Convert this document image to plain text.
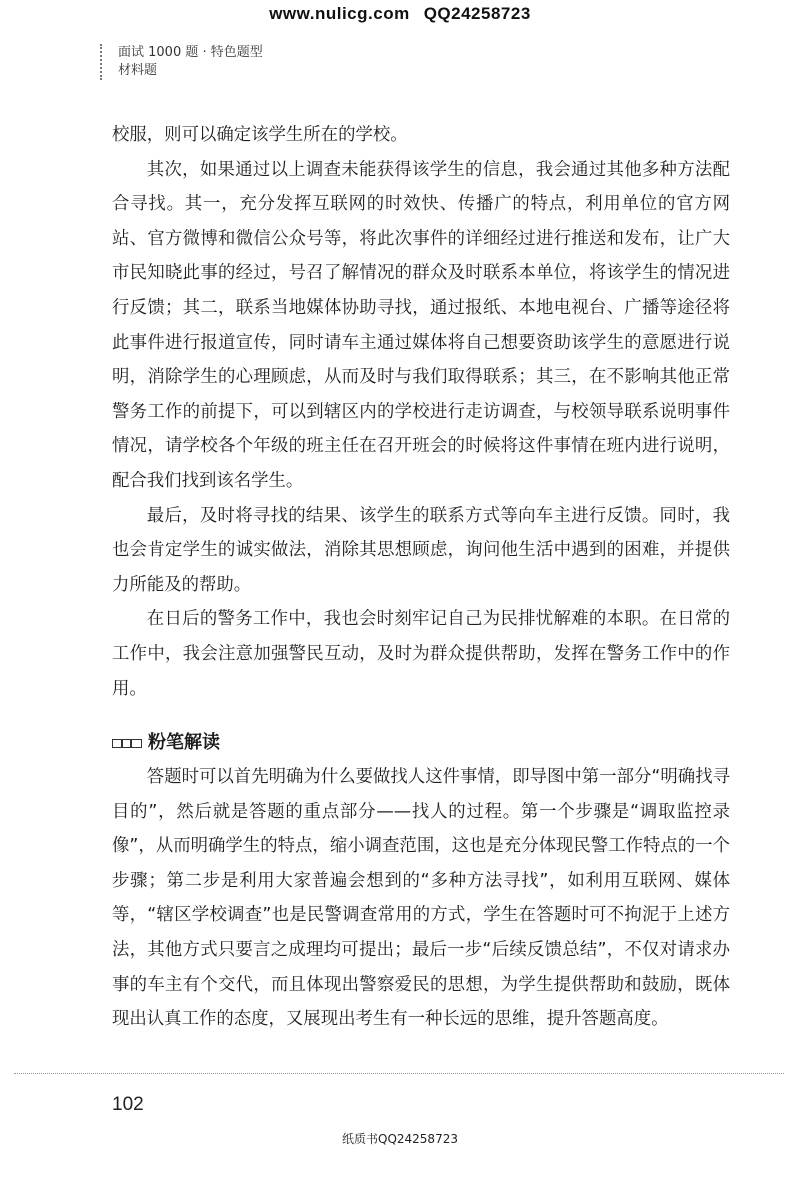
www.nulicg.com QQ24258723
面试 1000 题 · 特色题型
材料题

校服，则可以确定该学生所在的学校。

其次，如果通过以上调查未能获得该学生的信息，我会通过其他多种方法配合寻找。其一，充分发挥互联网的时效快、传播广的特点，利用单位的官方网站、官方微博和微信公众号等，将此次事件的详细经过进行推送和发布，让广大市民知晓此事的经过，号召了解情况的群众及时联系本单位，将该学生的情况进行反馈；其二，联系当地媒体协助寻找，通过报纸、本地电视台、广播等途径将此事件进行报道宣传，同时请车主通过媒体将自己想要资助该学生的意愿进行说明，消除学生的心理顾虑，从而及时与我们取得联系；其三，在不影响其他正常警务工作的前提下，可以到辖区内的学校进行走访调查，与校领导联系说明事件情况，请学校各个年级的班主任在召开班会的时候将这件事情在班内进行说明，配合我们找到该名学生。

最后，及时将寻找的结果、该学生的联系方式等向车主进行反馈。同时，我也会肯定学生的诚实做法，消除其思想顾虑，询问他生活中遇到的困难，并提供力所能及的帮助。

在日后的警务工作中，我也会时刻牢记自己为民排忧解难的本职。在日常的工作中，我会注意加强警民互动，及时为群众提供帮助，发挥在警务工作中的作用。

粉笔解读

答题时可以首先明确为什么要做找人这件事情，即导图中第一部分“明确找寻目的”，然后就是答题的重点部分——找人的过程。第一个步骤是“调取监控录像”，从而明确学生的特点，缩小调查范围，这也是充分体现民警工作特点的一个步骤；第二步是利用大家普遍会想到的“多种方法寻找”，如利用互联网、媒体等，“辖区学校调查”也是民警调查常用的方式，学生在答题时可不拘泥于上述方法，其他方式只要言之成理均可提出；最后一步“后续反馈总结”，不仅对请求办事的车主有个交代，而且体现出警察爱民的思想，为学生提供帮助和鼓励，既体现出认真工作的态度，又展现出考生有一种长远的思维，提升答题高度。

102
纸质书QQ24258723
